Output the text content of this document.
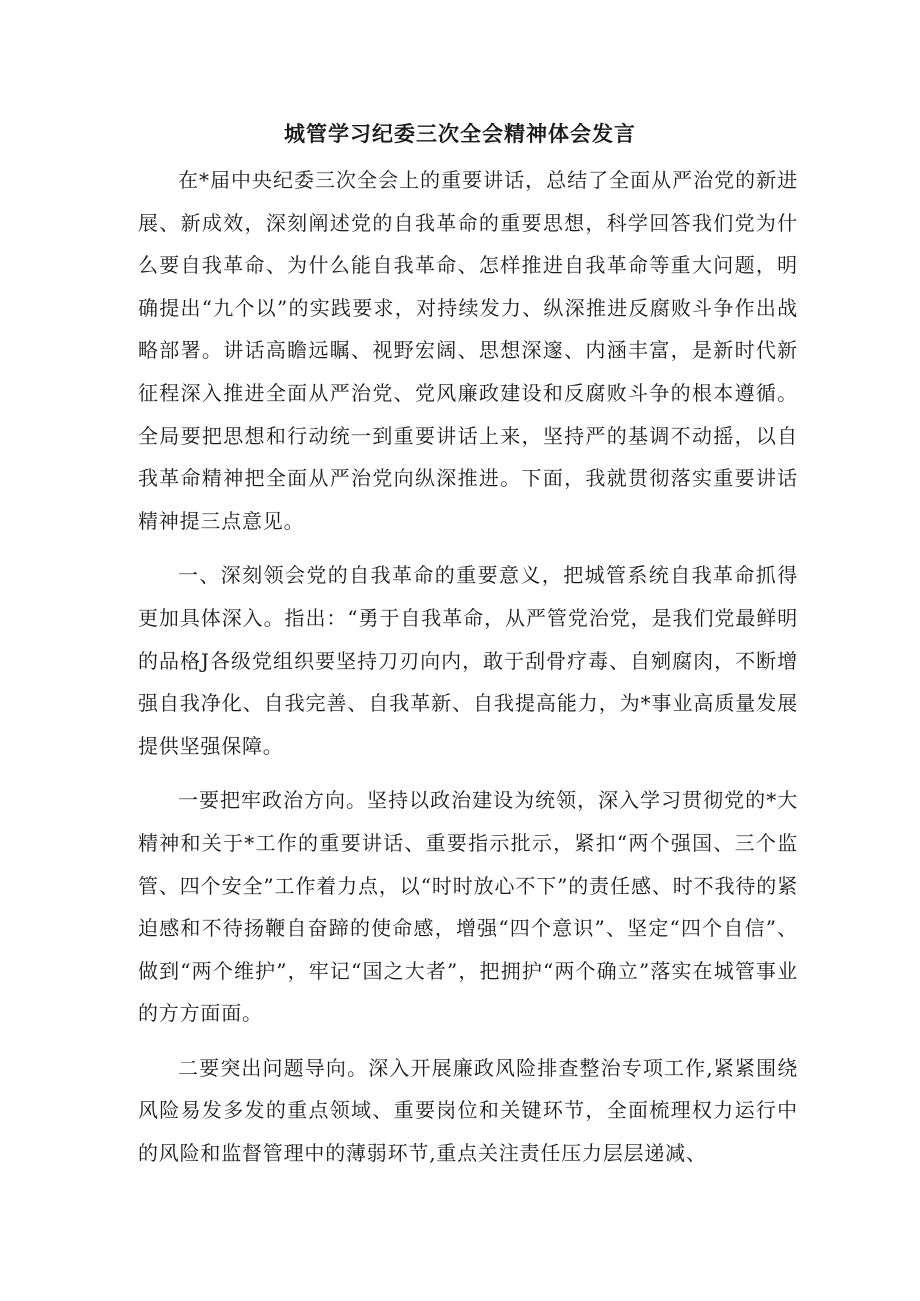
城管学习纪委三次全会精神体会发言

在*届中央纪委三次全会上的重要讲话，总结了全面从严治党的新进展、新成效，深刻阐述党的自我革命的重要思想，科学回答我们党为什么要自我革命、为什么能自我革命、怎样推进自我革命等重大问题，明确提出“九个以”的实践要求，对持续发力、纵深推进反腐败斗争作出战略部署。讲话高瞻远瞩、视野宏阔、思想深邃、内涵丰富，是新时代新征程深入推进全面从严治党、党风廉政建设和反腐败斗争的根本遵循。全局要把思想和行动统一到重要讲话上来，坚持严的基调不动摇，以自我革命精神把全面从严治党向纵深推进。下面，我就贯彻落实重要讲话精神提三点意见。

一、深刻领会党的自我革命的重要意义，把城管系统自我革命抓得更加具体深入。指出：“勇于自我革命，从严管党治党，是我们党最鲜明的品格J各级党组织要坚持刀刃向内，敢于刮骨疗毒、自剜腐肉，不断增强自我净化、自我完善、自我革新、自我提高能力，为*事业高质量发展提供坚强保障。

一要把牢政治方向。坚持以政治建设为统领，深入学习贯彻党的*大精神和关于*工作的重要讲话、重要指示批示，紧扣“两个强国、三个监管、四个安全”工作着力点，以“时时放心不下”的责任感、时不我待的紧迫感和不待扬鞭自奋蹄的使命感，增强“四个意识”、坚定“四个自信”、做到“两个维护”，牢记“国之大者”，把拥护“两个确立”落实在城管事业的方方面面。

二要突出问题导向。深入开展廉政风险排查整治专项工作,紧紧围绕风险易发多发的重点领域、重要岗位和关键环节，全面梳理权力运行中的风险和监督管理中的薄弱环节,重点关注责任压力层层递减、
